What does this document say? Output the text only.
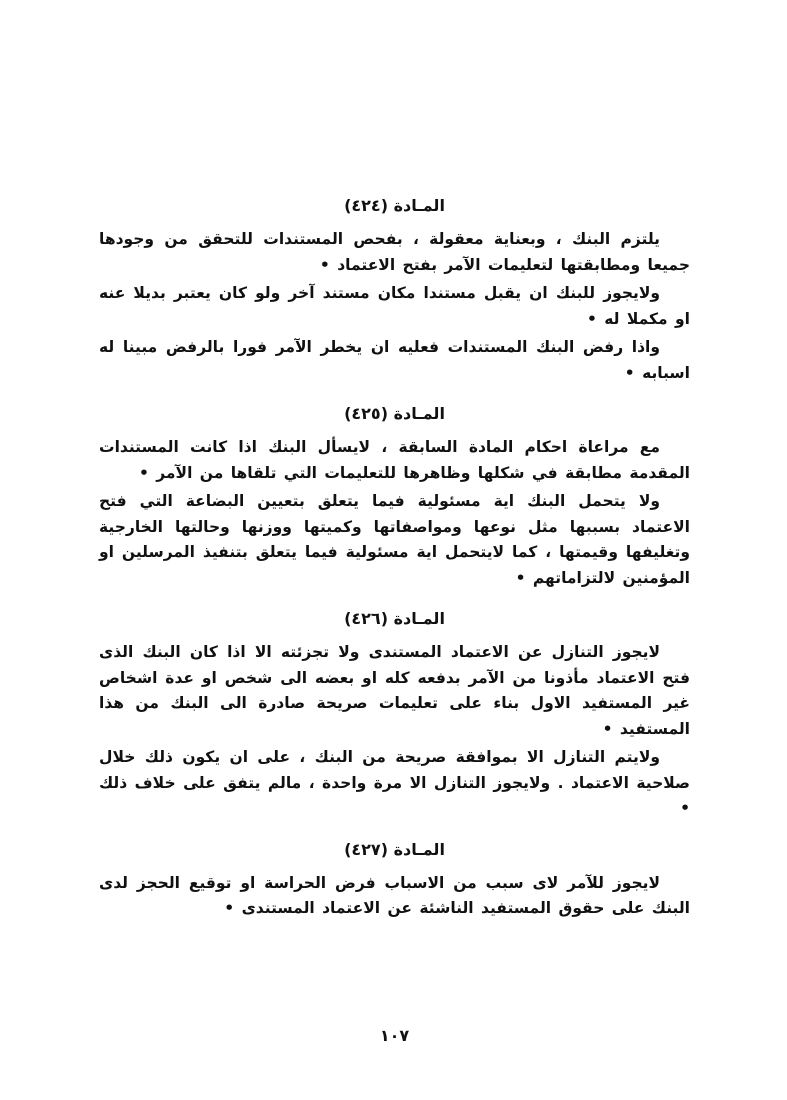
المـادة (٤٢٤)

يلتزم البنك ، وبعناية معقولة ، بفحص المستندات للتحقق من وجودها جميعا ومطابقتها لتعليمات الآمر بفتح الاعتماد •

ولايجوز للبنك ان يقبل مستندا مكان مستند آخر ولو كان يعتبر بديلا عنه او مكملا له •

واذا رفض البنك المستندات فعليه ان يخطر الآمر فورا بالرفض مبينا له اسبابه •

المـادة (٤٢٥)

مع مراعاة احكام المادة السابقة ، لايسأل البنك اذا كانت المستندات المقدمة مطابقة في شكلها وظاهرها للتعليمات التي تلقاها من الآمر •

ولا يتحمل البنك اية مسئولية فيما يتعلق بتعيين البضاعة التي فتح الاعتماد بسببها مثل نوعها ومواصفاتها وكميتها ووزنها وحالتها الخارجية وتغليفها وقيمتها ، كما لايتحمل اية مسئولية فيما يتعلق بتنفيذ المرسلين او المؤمنين لالتزاماتهم •

المـادة (٤٢٦)

لايجوز التنازل عن الاعتماد المستندى ولا تجزئته الا اذا كان البنك الذى فتح الاعتماد مأذونا من الآمر بدفعه كله او بعضه الى شخص او عدة اشخاص غير المستفيد الاول بناء على تعليمات صريحة صادرة الى البنك من هذا المستفيد •

ولايتم التنازل الا بموافقة صريحة من البنك ، على ان يكون ذلك خلال صلاحية الاعتماد . ولايجوز التنازل الا مرة واحدة ، مالم يتفق على خلاف ذلك •

المـادة (٤٢٧)

لايجوز للآمر لاى سبب من الاسباب فرض الحراسة او توقيع الحجز لدى البنك على حقوق المستفيد الناشئة عن الاعتماد المستندى •

١٠٧
